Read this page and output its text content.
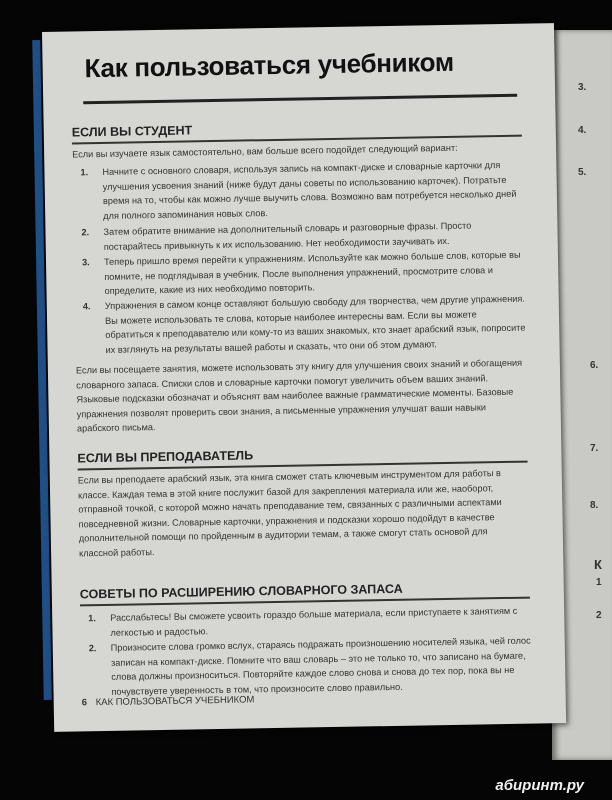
3.
4.
5.
6.
7.
8.
К
1
2
Как пользоваться учебником
ЕСЛИ ВЫ СТУДЕНТ
Если вы изучаете язык самостоятельно, вам больше всего подойдет следующий вариант:
1. Начните с основного словаря, используя запись на компакт-диске и словарные карточки для улучшения усвоения знаний (ниже будут даны советы по использованию карточек). Потратьте время на то, чтобы как можно лучше выучить слова. Возможно вам потребуется несколько дней для полного запоминания новых слов.
2. Затем обратите внимание на дополнительный словарь и разговорные фразы. Просто постарайтесь привыкнуть к их использованию. Нет необходимости заучивать их.
3. Теперь пришло время перейти к упражнениям. Используйте как можно больше слов, которые вы помните, не подглядывая в учебник. После выполнения упражнений, просмотрите слова и определите, какие из них необходимо повторить.
4. Упражнения в самом конце оставляют большую свободу для творчества, чем другие упражнения. Вы можете использовать те слова, которые наиболее интересны вам. Если вы можете обратиться к преподавателю или кому-то из ваших знакомых, кто знает арабский язык, попросите их взглянуть на результаты вашей работы и сказать, что они об этом думают.
Если вы посещаете занятия, можете использовать эту книгу для улучшения своих знаний и обогащения словарного запаса. Списки слов и словарные карточки помогут увеличить объем ваших знаний. Языковые подсказки обозначат и объяснят вам наиболее важные грамматические моменты. Базовые упражнения позволят проверить свои знания, а письменные упражнения улучшат ваши навыки арабского письма.
ЕСЛИ ВЫ ПРЕПОДАВАТЕЛЬ
Если вы преподаете арабский язык, эта книга сможет стать ключевым инструментом для работы в классе. Каждая тема в этой книге послужит базой для закрепления материала или же, наоборот, отправной точкой, с которой можно начать преподавание тем, связанных с различными аспектами повседневной жизни. Словарные карточки, упражнения и подсказки хорошо подойдут в качестве дополнительной помощи по пройденным в аудитории темам, а также смогут стать основой для классной работы.
СОВЕТЫ ПО РАСШИРЕНИЮ СЛОВАРНОГО ЗАПАСА
1. Расслабьтесь! Вы сможете усвоить гораздо больше материала, если приступаете к занятиям с легкостью и радостью.
2. Произносите слова громко вслух, стараясь подражать произношению носителей языка, чей голос записан на компакт-диске. Помните что ваш словарь – это не только то, что записано на бумаге, слова должны произноситься. Повторяйте каждое слово снова и снова до тех пор, пока вы не почувствуете уверенность в том, что произносите слово правильно.
6 КАК ПОЛЬЗОВАТЬСЯ УЧЕБНИКОМ
абиринт.ру
